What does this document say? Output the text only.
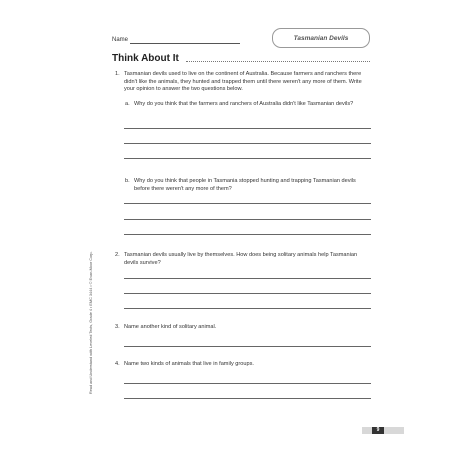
Name	Tasmanian Devils
Think About It
1. Tasmanian devils used to live on the continent of Australia. Because farmers and ranchers there didn't like the animals, they hunted and trapped them until there weren't any more of them. Write your opinion to answer the two questions below.
a. Why do you think that the farmers and ranchers of Australia didn't like Tasmanian devils?
b. Why do you think that people in Tasmania stopped hunting and trapping Tasmanian devils before there weren't any more of them?
2. Tasmanian devils usually live by themselves. How does being solitary animals help Tasmanian devils survive?
3. Name another kind of solitary animal.
4. Name two kinds of animals that live in family groups.
Read and Understand with Leveled Texts, Grade 4 • EMC 3444 • © Evan-Moor Corp.
9
